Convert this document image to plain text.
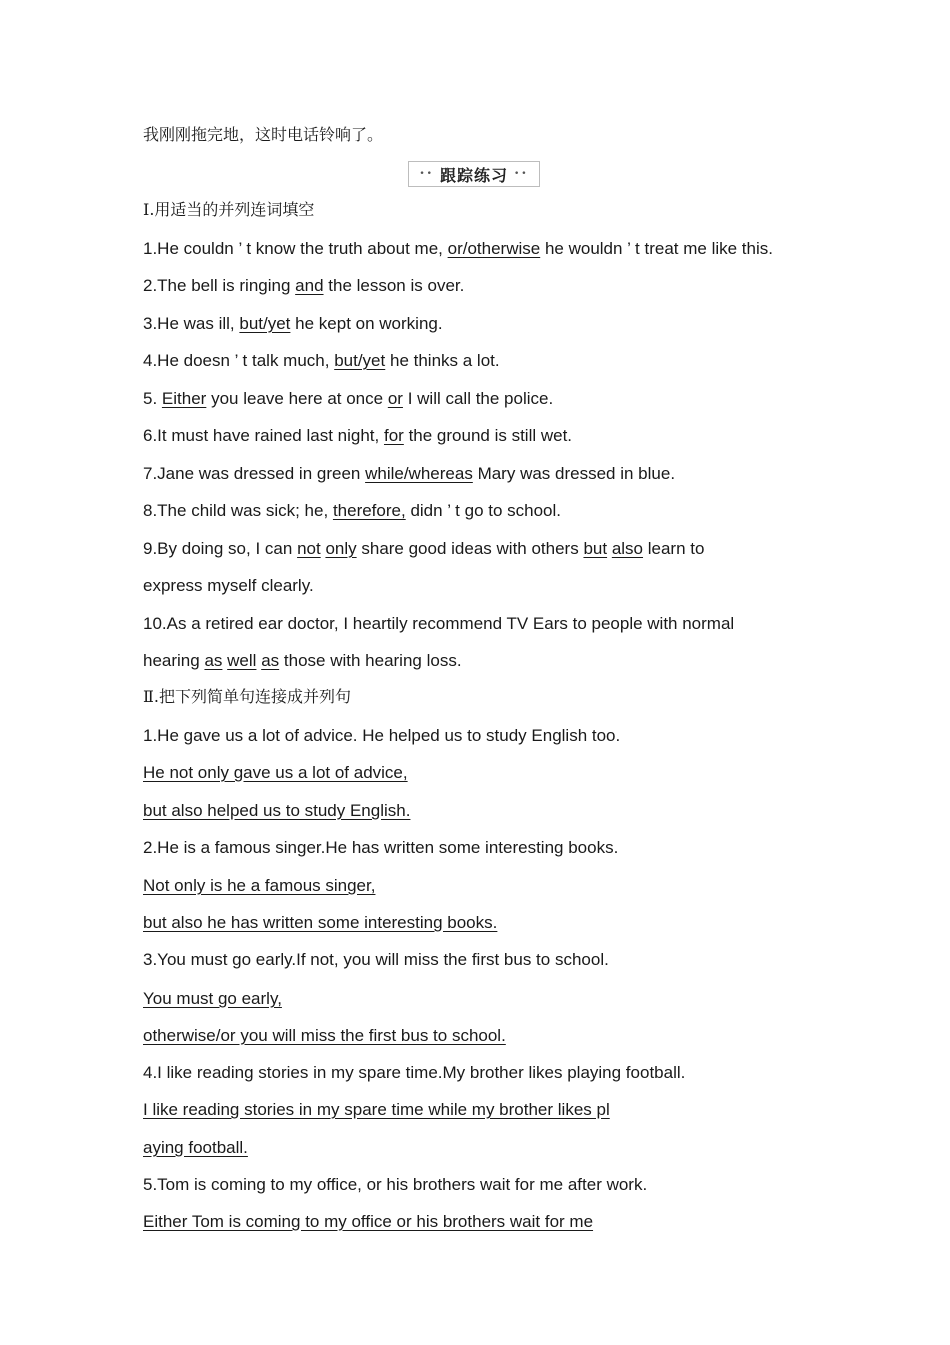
我刚刚拖完地，这时电话铃响了。
•• 跟踪练习 ••
Ⅰ.用适当的并列连词填空
1.He couldn ’ t know the truth about me, or/otherwise he wouldn ’ t treat me like this.
2.The bell is ringing and the lesson is over.
3.He was ill, but/yet he kept on working.
4.He doesn ’ t talk much, but/yet he thinks a lot.
5. Either you leave here at once or I will call the police.
6.It must have rained last night, for the ground is still wet.
7.Jane was dressed in green while/whereas Mary was dressed in blue.
8.The child was sick; he, therefore, didn ’ t go to school.
9.By doing so, I can not only share good ideas with others but also learn to
express myself clearly.
10.As a retired ear doctor, I heartily recommend TV Ears to people with normal
hearing as well as those with hearing loss.
Ⅱ.把下列简单句连接成并列句
1.He gave us a lot of advice. He helped us to study English too.
He not only gave us a lot of advice,
but also helped us to study English.
2.He is a famous singer.He has written some interesting books.
Not only is he a famous singer,
but also he has written some interesting books.
3.You must go early.If not, you will miss the first bus to school.
You must go early,
otherwise/or you will miss the first bus to school.
4.I like reading stories in my spare time.My brother likes playing football.
I like reading stories in my spare time while my brother likes pl
aying football.
5.Tom is coming to my office, or his brothers wait for me after work.
Either Tom is coming to my office or his brothers wait for me
